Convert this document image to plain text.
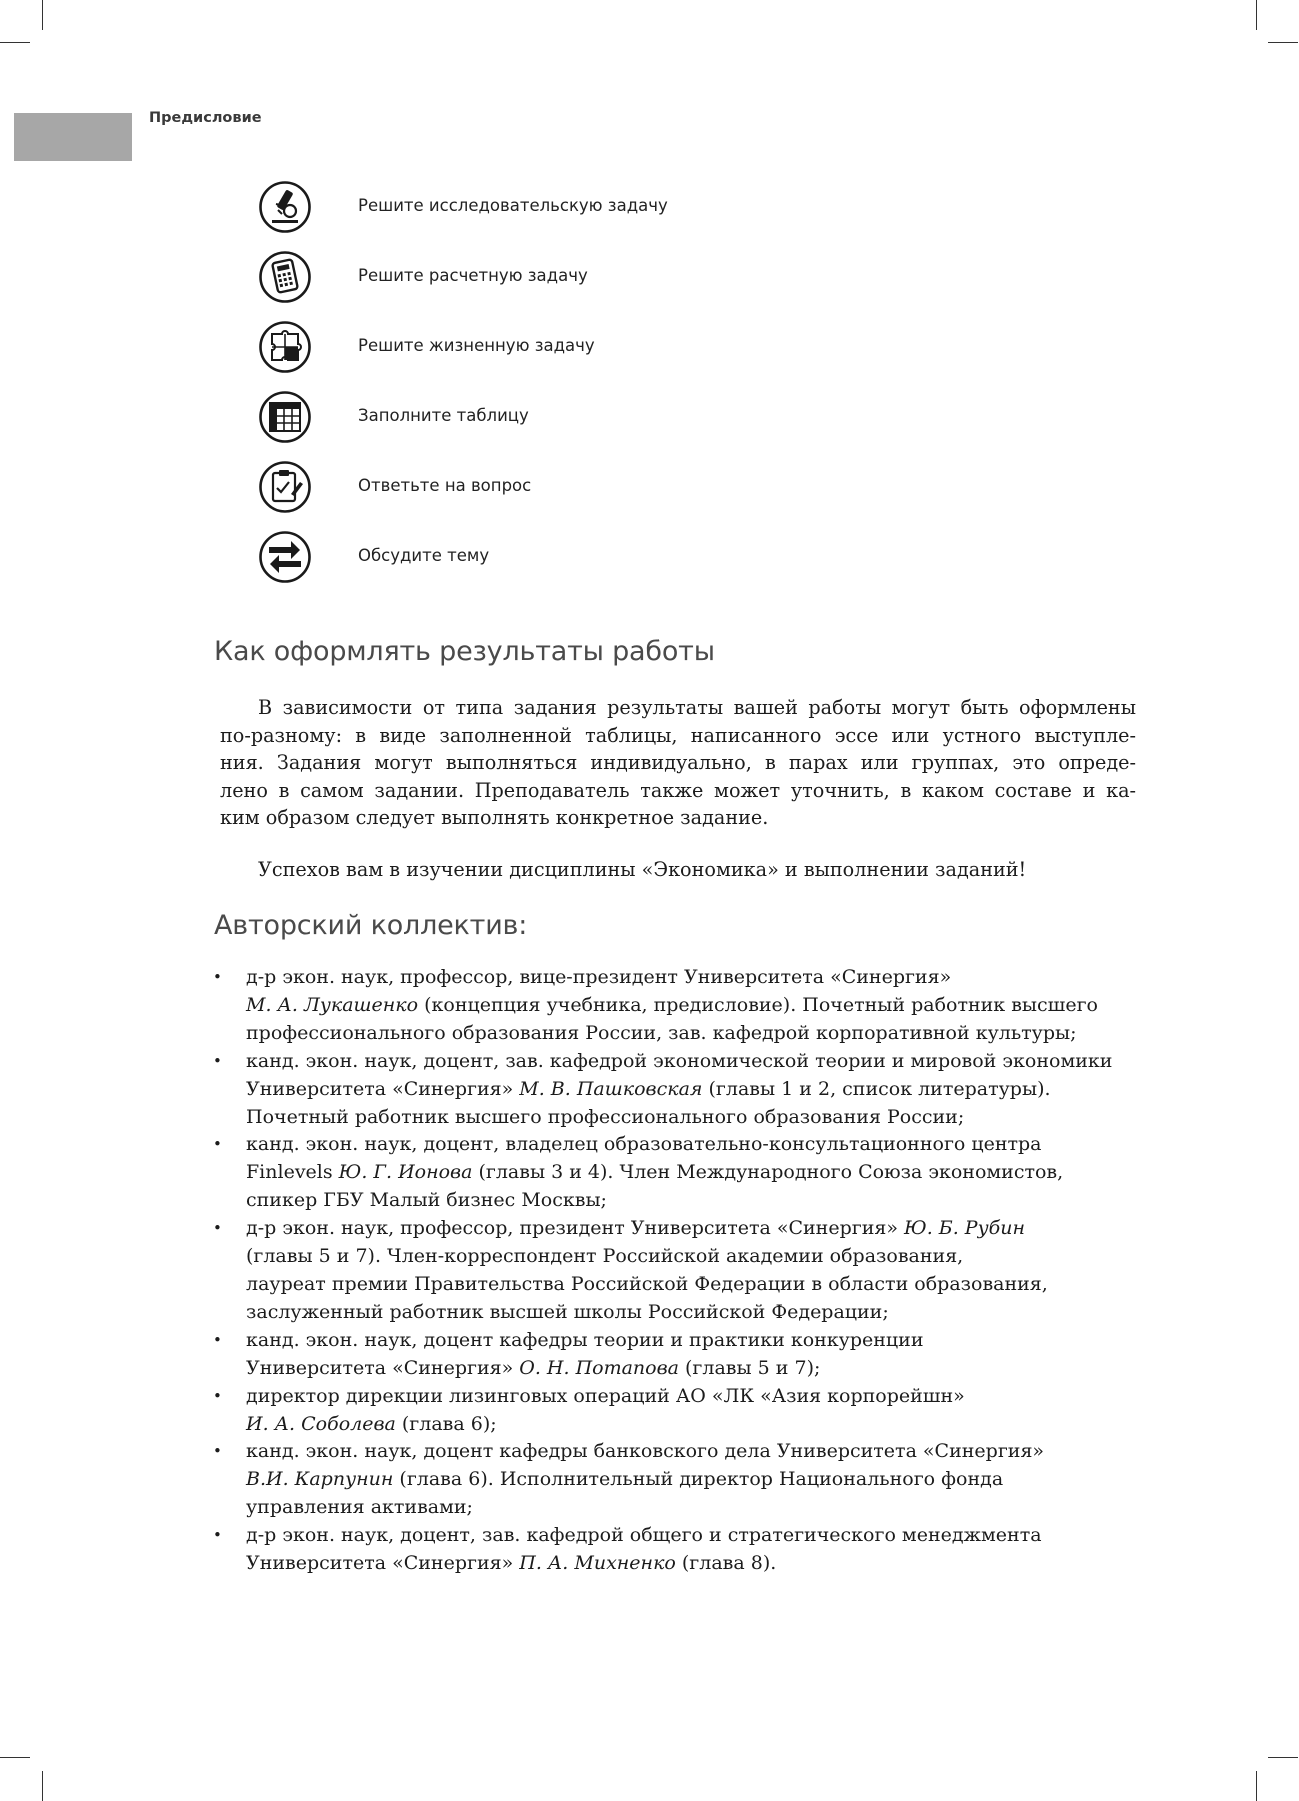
Предисловие
Решите исследовательскую задачу
Решите расчетную задачу
Решите жизненную задачу
Заполните таблицу
Ответьте на вопрос
Обсудите тему
Как оформлять результаты работы

В зависимости от типа задания результаты вашей работы могут быть оформлены
по-разному: в виде заполненной таблицы, написанного эссе или устного выступле-
ния. Задания могут выполняться индивидуально, в парах или группах, это опреде-
лено в самом задании. Преподаватель также может уточнить, в каком составе и ка-
ким образом следует выполнять конкретное задание.

Успехов вам в изучении дисциплины «Экономика» и выполнении заданий!
Авторский коллектив:
• д-р экон. наук, профессор, вице-президент Университета «Синергия»
М. А. Лукашенко (концепция учебника, предисловие). Почетный работник высшего
профессионального образования России, зав. кафедрой корпоративной культуры;
• канд. экон. наук, доцент, зав. кафедрой экономической теории и мировой экономики
Университета «Синергия» М. В. Пашковская (главы 1 и 2, список литературы).
Почетный работник высшего профессионального образования России;
• канд. экон. наук, доцент, владелец образовательно-консультационного центра
Finlevels Ю. Г. Ионова (главы 3 и 4). Член Международного Союза экономистов,
спикер ГБУ Малый бизнес Москвы;
• д-р экон. наук, профессор, президент Университета «Синергия» Ю. Б. Рубин
(главы 5 и 7). Член-корреспондент Российской академии образования,
лауреат премии Правительства Российской Федерации в области образования,
заслуженный работник высшей школы Российской Федерации;
• канд. экон. наук, доцент кафедры теории и практики конкуренции
Университета «Синергия» О. Н. Потапова (главы 5 и 7);
• директор дирекции лизинговых операций АО «ЛК «Азия корпорейшн»
И. А. Соболева (глава 6);
• канд. экон. наук, доцент кафедры банковского дела Университета «Синергия»
В.И. Карпунин (глава 6). Исполнительный директор Национального фонда
управления активами;
• д-р экон. наук, доцент, зав. кафедрой общего и стратегического менеджмента
Университета «Синергия» П. А. Михненко (глава 8).
